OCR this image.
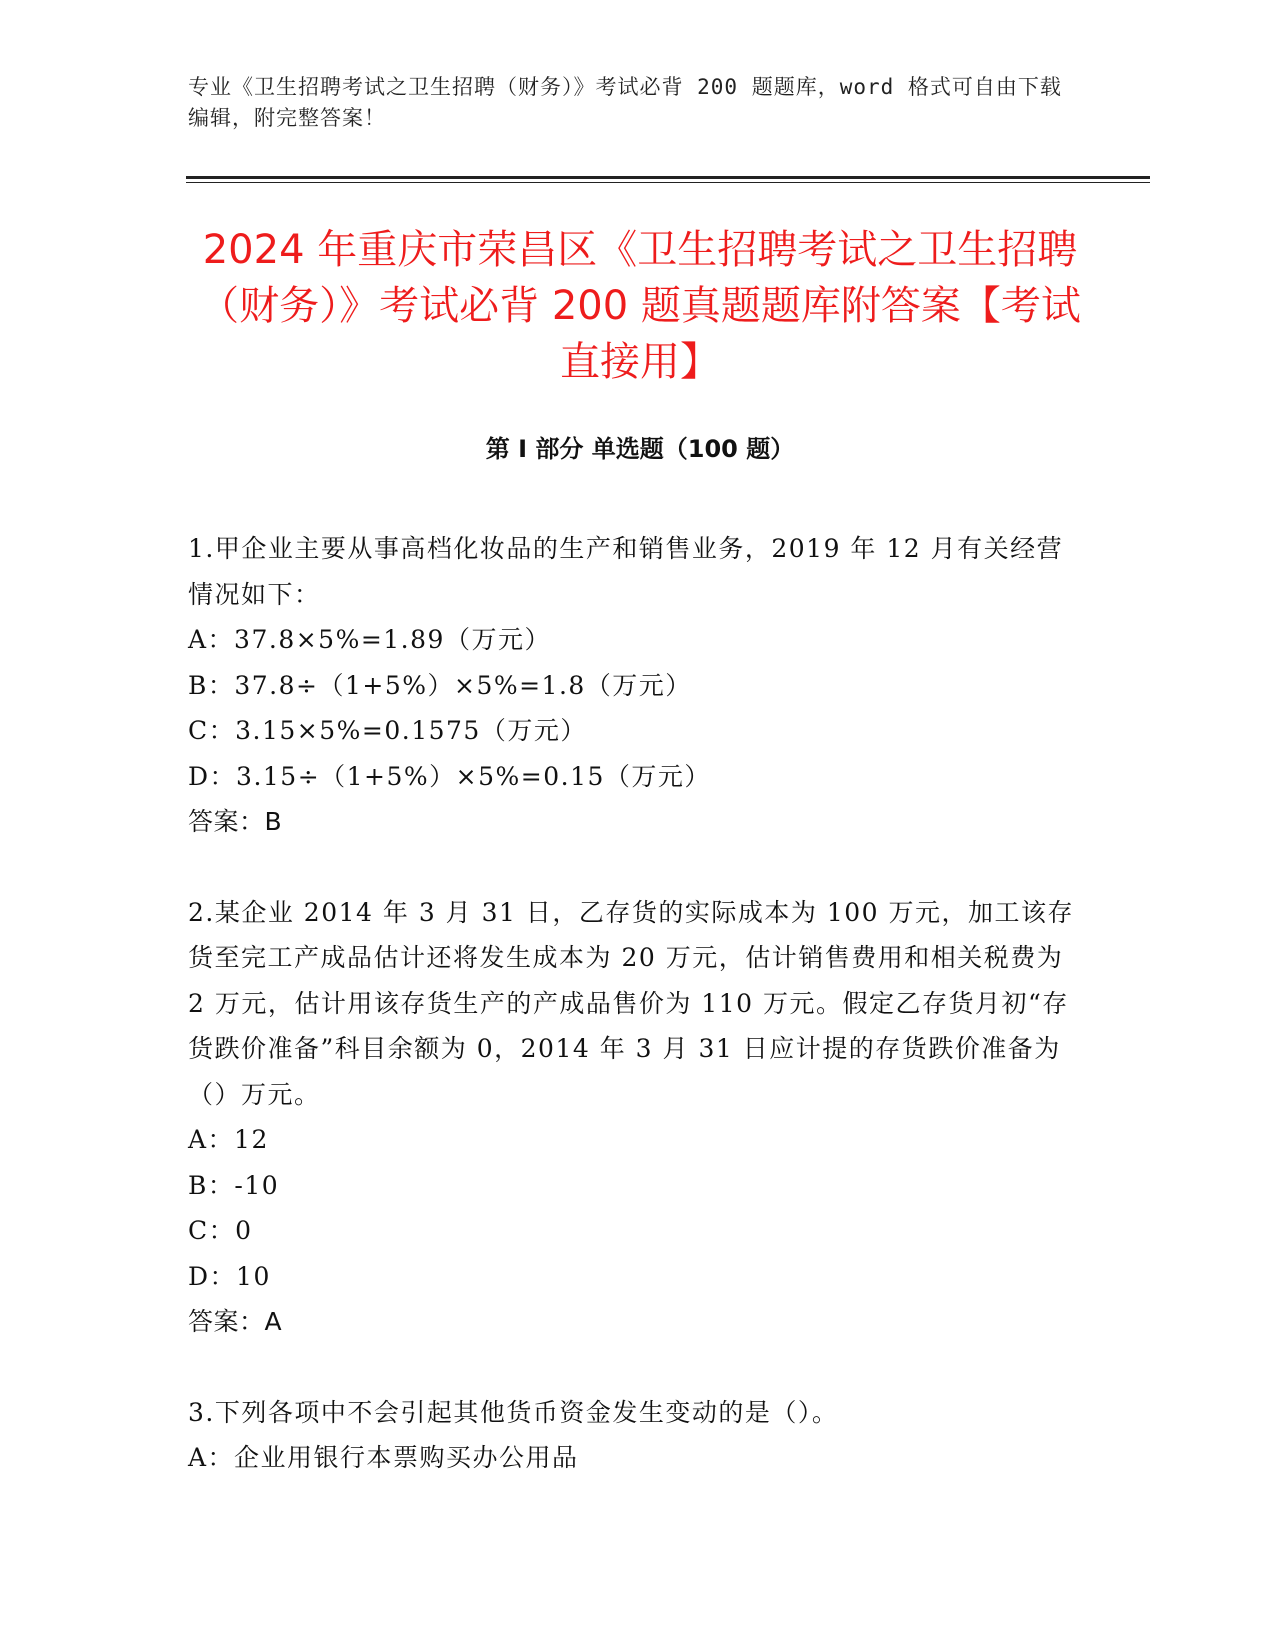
专业《卫生招聘考试之卫生招聘（财务）》考试必背 200 题题库，word 格式可自由下载编辑，附完整答案！
2024 年重庆市荣昌区《卫生招聘考试之卫生招聘（财务）》考试必背 200 题真题题库附答案【考试直接用】
第 I 部分 单选题（100 题）

1.甲企业主要从事高档化妆品的生产和销售业务，2019 年 12 月有关经营情况如下：

A：37.8×5%=1.89（万元）

B：37.8÷（1+5%）×5%=1.8（万元）

C：3.15×5%=0.1575（万元）

D：3.15÷（1+5%）×5%=0.15（万元）

答案：B

2.某企业 2014 年 3 月 31 日，乙存货的实际成本为 100 万元，加工该存货至完工产成品估计还将发生成本为 20 万元，估计销售费用和相关税费为 2 万元，估计用该存货生产的产成品售价为 110 万元。假定乙存货月初“存货跌价准备”科目余额为 0，2014 年 3 月 31 日应计提的存货跌价准备为（）万元。

A：12

B：-10

C：0

D：10

答案：A

3.下列各项中不会引起其他货币资金发生变动的是（）。

A：企业用银行本票购买办公用品
